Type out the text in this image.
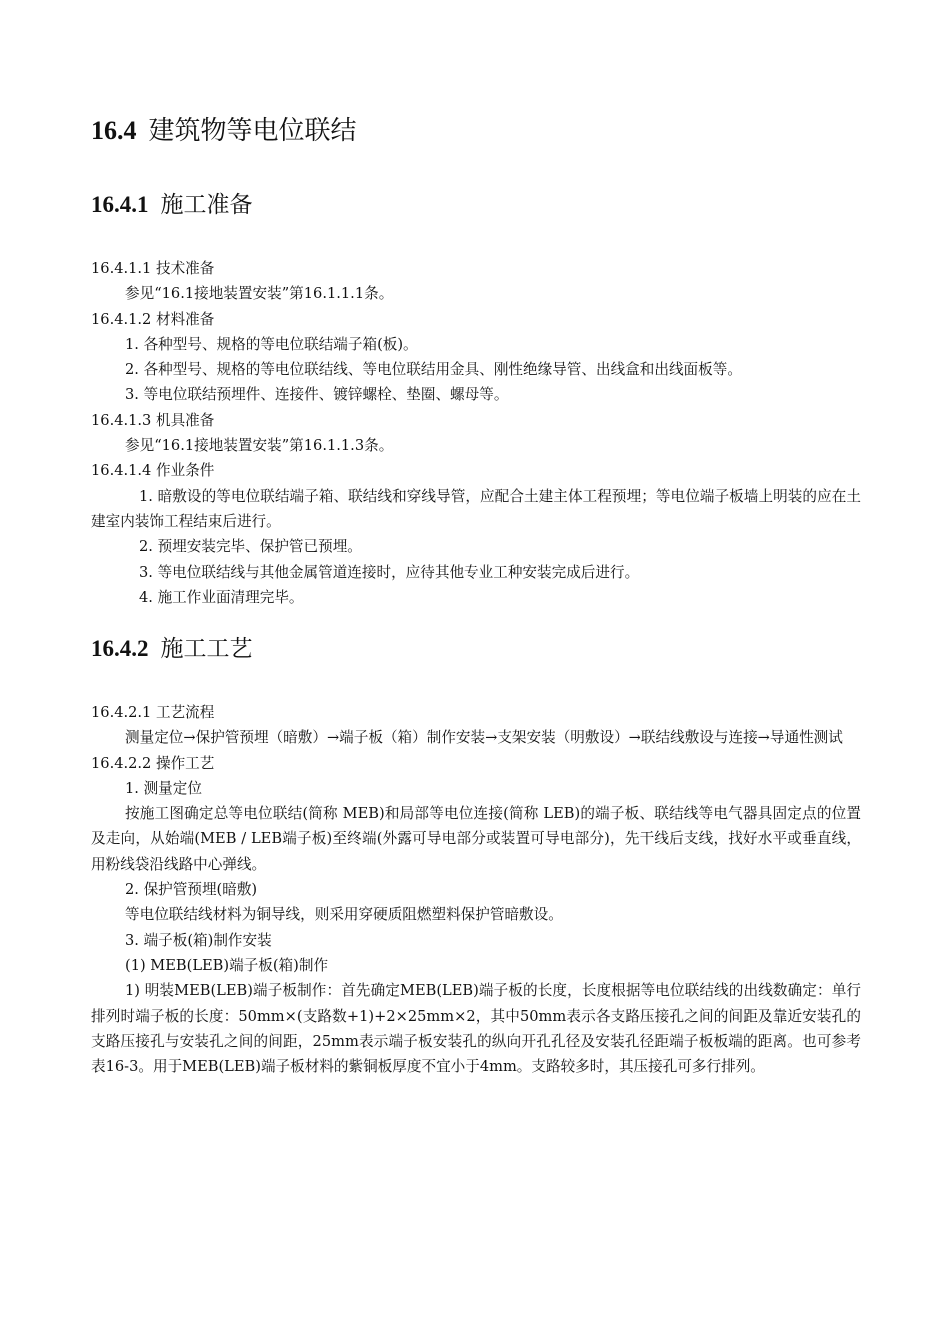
16.4 建筑物等电位联结
16.4.1 施工准备
16.4.1.1 技术准备
参见“16.1接地装置安装”第16.1.1.1条。
16.4.1.2 材料准备
1. 各种型号、规格的等电位联结端子箱(板)。
2. 各种型号、规格的等电位联结线、等电位联结用金具、刚性绝缘导管、出线盒和出线面板等。
3. 等电位联结预埋件、连接件、镀锌螺栓、垫圈、螺母等。
16.4.1.3 机具准备
参见“16.1接地装置安装”第16.1.1.3条。
16.4.1.4 作业条件
1. 暗敷设的等电位联结端子箱、联结线和穿线导管，应配合土建主体工程预埋；等电位端子板墙上明装的应在土建室内装饰工程结束后进行。
2. 预埋安装完毕、保护管已预埋。
3. 等电位联结线与其他金属管道连接时，应待其他专业工种安装完成后进行。
4. 施工作业面清理完毕。
16.4.2 施工工艺
16.4.2.1 工艺流程
测量定位→保护管预埋（暗敷）→端子板（箱）制作安装→支架安装（明敷设）→联结线敷设与连接→导通性测试
16.4.2.2 操作工艺
1. 测量定位
按施工图确定总等电位联结(简称 MEB)和局部等电位连接(简称 LEB)的端子板、联结线等电气器具固定点的位置及走向，从始端(MEB / LEB端子板)至终端(外露可导电部分或装置可导电部分)，先干线后支线，找好水平或垂直线，用粉线袋沿线路中心弹线。
2. 保护管预埋(暗敷)
等电位联结线材料为铜导线，则采用穿硬质阻燃塑料保护管暗敷设。
3. 端子板(箱)制作安装
(1) MEB(LEB)端子板(箱)制作
1) 明装MEB(LEB)端子板制作：首先确定MEB(LEB)端子板的长度，长度根据等电位联结线的出线数确定：单行排列时端子板的长度：50mm×(支路数+1)+2×25mm×2，其中50mm表示各支路压接孔之间的间距及靠近安装孔的支路压接孔与安装孔之间的间距，25mm表示端子板安装孔的纵向开孔孔径及安装孔径距端子板板端的距离。也可参考表16-3。用于MEB(LEB)端子板材料的紫铜板厚度不宜小于4mm。支路较多时，其压接孔可多行排列。
